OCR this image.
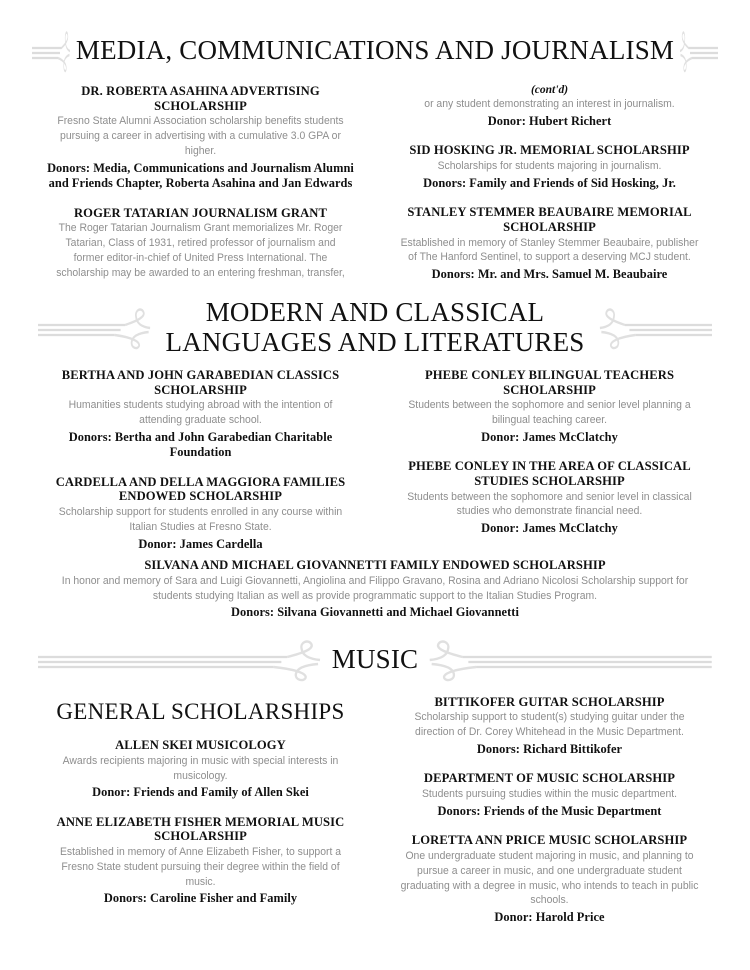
MEDIA, COMMUNICATIONS AND JOURNALISM
DR. ROBERTA ASAHINA ADVERTISING SCHOLARSHIP
Fresno State Alumni Association scholarship benefits students pursuing a career in advertising with a cumulative 3.0 GPA or higher.
Donors: Media, Communications and Journalism Alumni and Friends Chapter, Roberta Asahina and Jan Edwards
ROGER TATARIAN JOURNALISM GRANT
The Roger Tatarian Journalism Grant memorializes Mr. Roger Tatarian, Class of 1931, retired professor of journalism and former editor-in-chief of United Press International. The scholarship may be awarded to an entering freshman, transfer,
(cont'd)
or any student demonstrating an interest in journalism.
Donor: Hubert Richert
SID HOSKING JR. MEMORIAL SCHOLARSHIP
Scholarships for students majoring in journalism.
Donors: Family and Friends of Sid Hosking, Jr.
STANLEY STEMMER BEAUBAIRE MEMORIAL SCHOLARSHIP
Established in memory of Stanley Stemmer Beaubaire, publisher of The Hanford Sentinel, to support a deserving MCJ student.
Donors: Mr. and Mrs. Samuel M. Beaubaire
MODERN AND CLASSICAL LANGUAGES AND LITERATURES
BERTHA AND JOHN GARABEDIAN CLASSICS SCHOLARSHIP
Humanities students studying abroad with the intention of attending graduate school.
Donors: Bertha and John Garabedian Charitable Foundation
CARDELLA AND DELLA MAGGIORA FAMILIES ENDOWED SCHOLARSHIP
Scholarship support for students enrolled in any course within Italian Studies at Fresno State.
Donor: James Cardella
PHEBE CONLEY BILINGUAL TEACHERS SCHOLARSHIP
Students between the sophomore and senior level planning a bilingual teaching career.
Donor: James McClatchy
PHEBE CONLEY IN THE AREA OF CLASSICAL STUDIES SCHOLARSHIP
Students between the sophomore and senior level in classical studies who demonstrate financial need.
Donor: James McClatchy
SILVANA AND MICHAEL GIOVANNETTI FAMILY ENDOWED SCHOLARSHIP
In honor and memory of Sara and Luigi Giovannetti, Angiolina and Filippo Gravano, Rosina and Adriano Nicolosi Scholarship support for students studying Italian as well as provide programmatic support to the Italian Studies Program.
Donors: Silvana Giovannetti and Michael Giovannetti
MUSIC
GENERAL SCHOLARSHIPS
ALLEN SKEI MUSICOLOGY
Awards recipients majoring in music with special interests in musicology.
Donor: Friends and Family of Allen Skei
ANNE ELIZABETH FISHER MEMORIAL MUSIC SCHOLARSHIP
Established in memory of Anne Elizabeth Fisher, to support a Fresno State student pursuing their degree within the field of music.
Donors: Caroline Fisher and Family
BITTIKOFER GUITAR SCHOLARSHIP
Scholarship support to student(s) studying guitar under the direction of Dr. Corey Whitehead in the Music Department.
Donors: Richard Bittikofer
DEPARTMENT OF MUSIC SCHOLARSHIP
Students pursuing studies within the music department.
Donors: Friends of the Music Department
LORETTA ANN PRICE MUSIC SCHOLARSHIP
One undergraduate student majoring in music, and planning to pursue a career in music, and one undergraduate student graduating with a degree in music, who intends to teach in public schools.
Donor: Harold Price
